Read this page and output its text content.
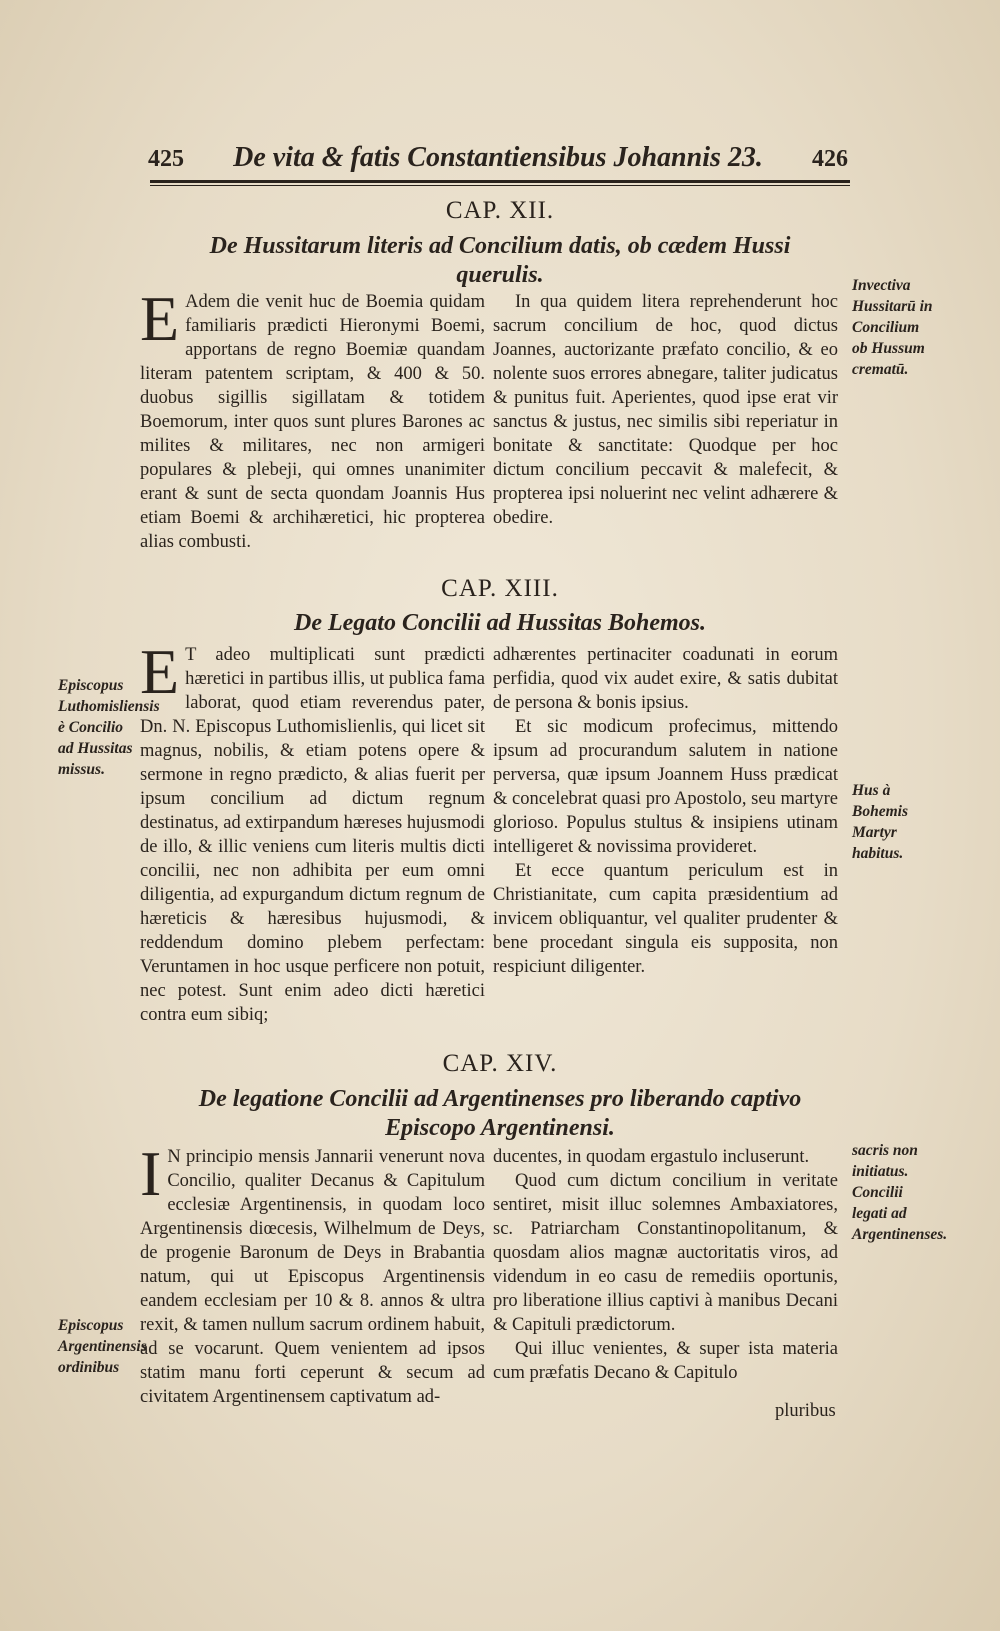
425	De vita & fatis Constantiensibus Johannis 23.	426
CAP. XII.
De Hussitarum literis ad Concilium datis, ob cædem Hussi
querulis.

E Adem die venit huc de Boemia quidam familiaris prædicti Hieronymi Boemi, apportans de regno Boemiæ quandam literam patentem scriptam, & 400 & 50. duobus sigillis sigillatam & totidem Boemorum, inter quos sunt plures Barones ac milites & militares, nec non armigeri populares & plebeji, qui omnes unanimiter erant & sunt de secta quondam Joannis Hus etiam Boemi & archihæretici, hic propterea alias combusti.

In qua quidem litera reprehenderunt hoc sacrum concilium de hoc, quod dictus Joannes, auctorizante præfato concilio, & eo nolente suos errores abnegare, taliter judicatus & punitus fuit. Aperientes, quod ipse erat vir sanctus & justus, nec similis sibi reperiatur in bonitate & sanctitate: Quodque per hoc dictum concilium peccavit & malefecit, & propterea ipsi noluerint nec velint adhærere & obedire.

Invectiva Hussitarū in Concilium ob Hussum crematū.
CAP. XIII.
De Legato Concilii ad Hussitas Bohemos.

E T adeo multiplicati sunt prædicti hæretici in partibus illis, ut publica fama laborat, quod etiam reverendus pater, Dn. N. Episcopus Luthomislienlis, qui licet sit magnus, nobilis, & etiam potens opere & sermone in regno prædicto, & alias fuerit per ipsum concilium ad dictum regnum destinatus, ad extirpandum hæreses hujusmodi de illo, & illic veniens cum literis multis dicti concilii, nec non adhibita per eum omni diligentia, ad expurgandum dictum regnum de hæreticis & hæresibus hujusmodi, & reddendum domino plebem perfectam: Veruntamen in hoc usque perficere non potuit, nec potest. Sunt enim adeo dicti hæretici contra eum sibiq;

adhærentes pertinaciter coadunati in eorum perfidia, quod vix audet exire, & satis dubitat de persona & bonis ipsius.

Et sic modicum profecimus, mittendo ipsum ad procurandum salutem in natione perversa, quæ ipsum Joannem Huss prædicat & concelebrat quasi pro Apostolo, seu martyre glorioso. Populus stultus & insipiens utinam intelligeret & novissima provideret.

Et ecce quantum periculum est in Christianitate, cum capita præsidentium ad invicem obliquantur, vel qualiter prudenter & bene procedant singula eis supposita, non respiciunt diligenter.

Episcopus Luthomisliensis è Concilio ad Hussitas missus.
Hus à Bohemis Martyr habitus.
CAP. XIV.
De legatione Concilii ad Argentinenses pro liberando captivo
Episcopo Argentinensi.

I N principio mensis Jannarii venerunt nova Concilio, qualiter Decanus & Capitulum ecclesiæ Argentinensis, in quodam loco Argentinensis diœcesis, Wilhelmum de Deys, de progenie Baronum de Deys in Brabantia natum, qui ut Episcopus Argentinensis eandem ecclesiam per 10 & 8. annos & ultra rexit, & tamen nullum sacrum ordinem habuit, ad se vocarunt. Quem venientem ad ipsos statim manu forti ceperunt & secum ad civitatem Argentinensem captivatum ad-

ducentes, in quodam ergastulo incluserunt.

Quod cum dictum concilium in veritate sentiret, misit illuc solemnes Ambaxiatores, sc. Patriarcham Constantinopolitanum, & quosdam alios magnæ auctoritatis viros, ad videndum in eo casu de remediis oportunis, pro liberatione illius captivi à manibus Decani & Capituli prædictorum.

Qui illuc venientes, & super ista materia cum præfatis Decano & Capitulo

Episcopus Argentinensis ordinibus
sacris non initiatus. Concilii legati ad Argentinenses.
pluribus
